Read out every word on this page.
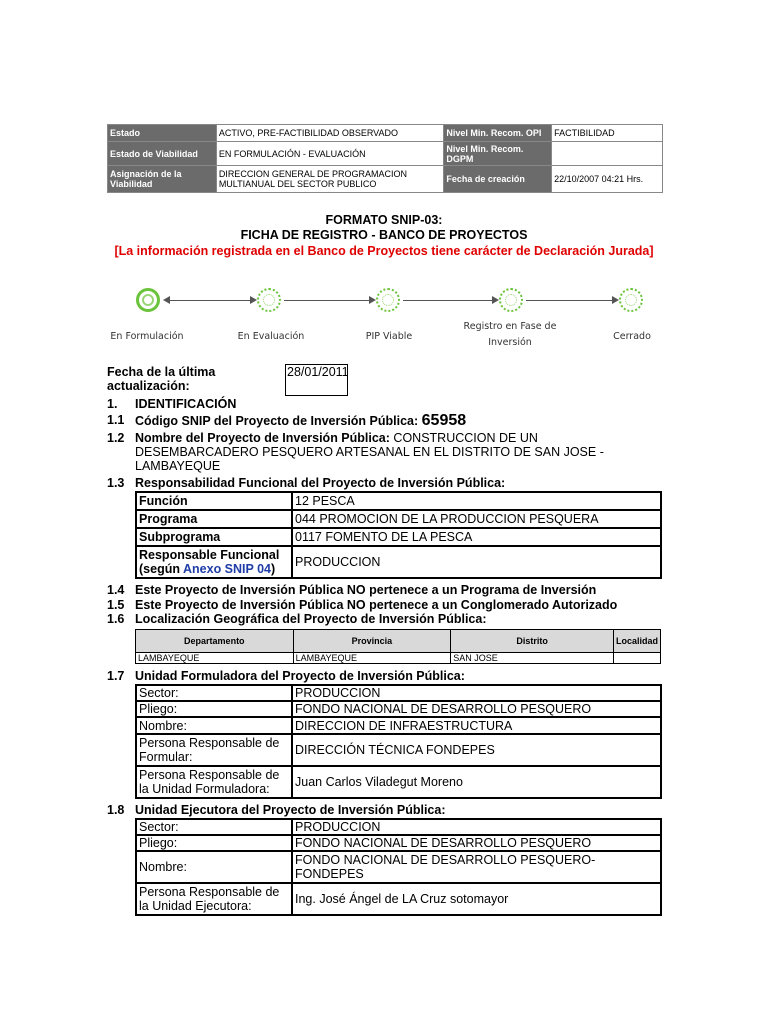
Estado	ACTIVO, PRE-FACTIBILIDAD OBSERVADO	Nivel Min. Recom. OPI	FACTIBILIDAD
Estado de Viabilidad	EN FORMULACIÓN - EVALUACIÓN	Nivel Min. Recom. DGPM	
Asignación de la Viabilidad	DIRECCION GENERAL DE PROGRAMACION MULTIANUAL DEL SECTOR PUBLICO	Fecha de creación	22/10/2007 04:21 Hrs.
FORMATO SNIP-03:
FICHA DE REGISTRO - BANCO DE PROYECTOS
[La información registrada en el Banco de Proyectos tiene carácter de Declaración Jurada]
En Formulación	En Evaluación	PIP Viable
Registro en Fase de Inversión
Cerrado
Fecha de la última actualización:
28/01/2011
1. IDENTIFICACIÓN
1.1 Código SNIP del Proyecto de Inversión Pública: 65958
1.2 Nombre del Proyecto de Inversión Pública: CONSTRUCCION DE UN DESEMBARCADERO PESQUERO ARTESANAL EN EL DISTRITO DE SAN JOSE - LAMBAYEQUE
1.3 Responsabilidad Funcional del Proyecto de Inversión Pública:
Función	12 PESCA
Programa	044 PROMOCION DE LA PRODUCCION PESQUERA
Subprograma	0117 FOMENTO DE LA PESCA

Responsable Funcional
(según Anexo SNIP 04)	PRODUCCION
1.4 Este Proyecto de Inversión Pública NO pertenece a un Programa de Inversión
1.5 Este Proyecto de Inversión Pública NO pertenece a un Conglomerado Autorizado
1.6 Localización Geográfica del Proyecto de Inversión Pública:
Departamento	Provincia	Distrito	Localidad
LAMBAYEQUE	LAMBAYEQUE	SAN JOSE	
1.7 Unidad Formuladora del Proyecto de Inversión Pública:
Sector:	PRODUCCION
Pliego:	FONDO NACIONAL DE DESARROLLO PESQUERO
Nombre:	DIRECCION DE INFRAESTRUCTURA
Persona Responsable de Formular:	DIRECCIÓN TÉCNICA FONDEPES
Persona Responsable de la Unidad Formuladora:	Juan Carlos Viladegut Moreno
1.8 Unidad Ejecutora del Proyecto de Inversión Pública:
Sector:	PRODUCCION
Pliego:	FONDO NACIONAL DE DESARROLLO PESQUERO
Nombre:	FONDO NACIONAL DE DESARROLLO PESQUERO-FONDEPES
Persona Responsable de la Unidad Ejecutora:	Ing. José Ángel de LA Cruz sotomayor
